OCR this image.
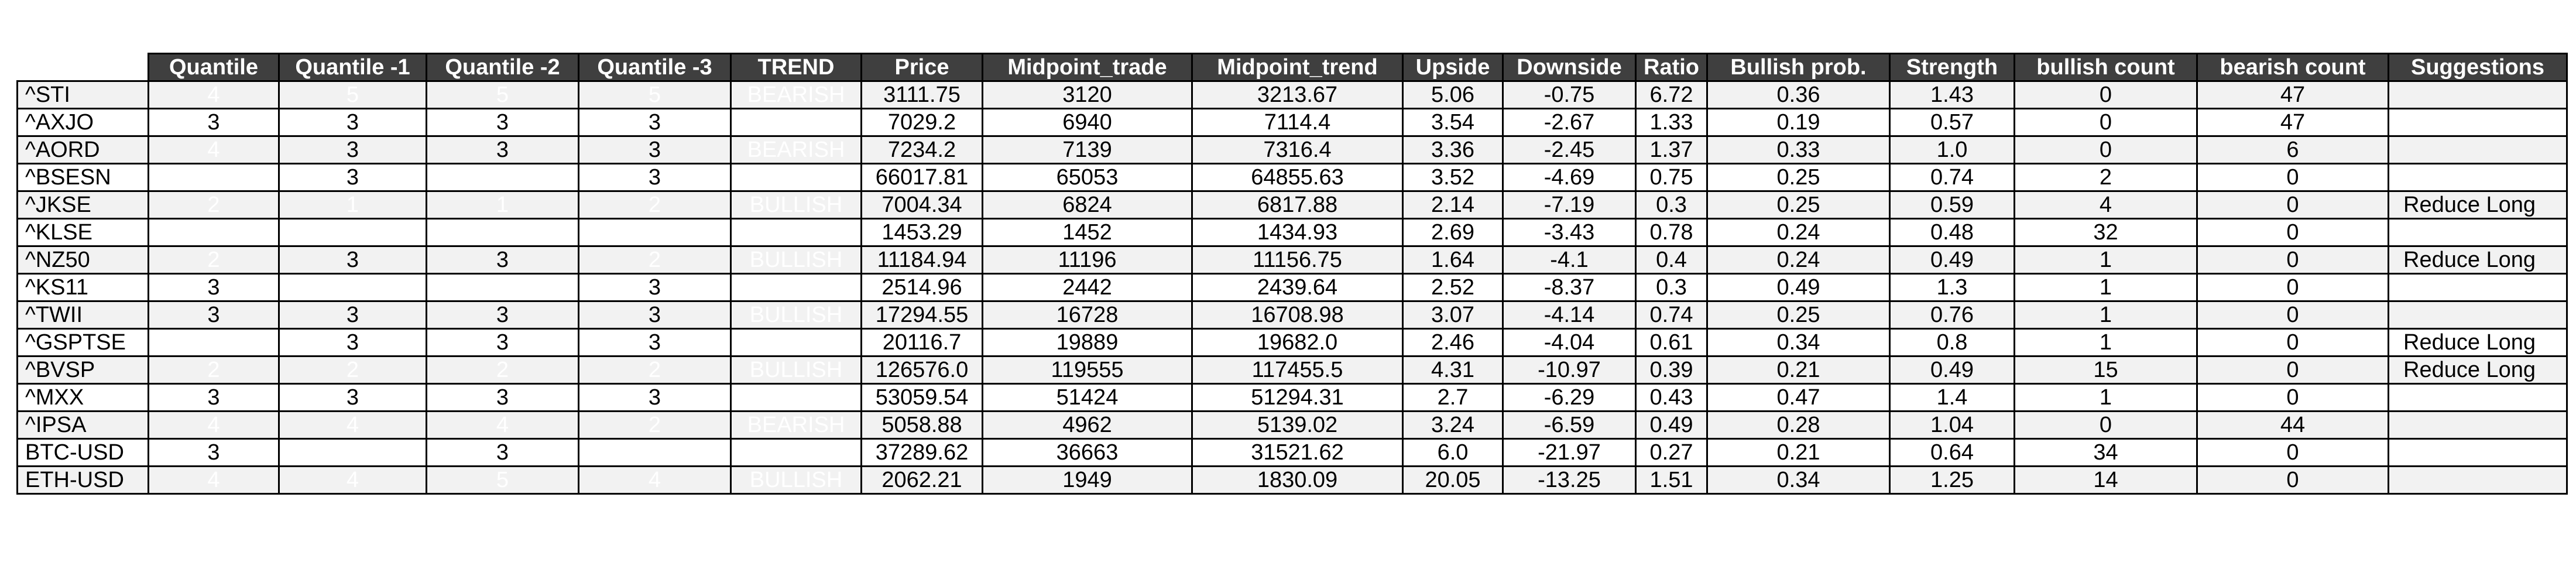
	Quantile	Quantile -1	Quantile -2	Quantile -3	TREND	Price	Midpoint_trade	Midpoint_trend	Upside	Downside	Ratio	Bullish prob.	Strength	bullish count	bearish count	Suggestions
^STI	4	5	5	5	BEARISH	3111.75	3120	3213.67	5.06	-0.75	6.72	0.36	1.43	0	47	
^AXJO	3	3	3	3	BEARISH	7029.2	6940	7114.4	3.54	-2.67	1.33	0.19	0.57	0	47	
^AORD	4	3	3	3	BEARISH	7234.2	7139	7316.4	3.36	-2.45	1.37	0.33	1.0	0	6	
^BSESN	4	3	4	3	BULLISH	66017.81	65053	64855.63	3.52	-4.69	0.75	0.25	0.74	2	0	
^JKSE	2	1	1	2	BULLISH	7004.34	6824	6817.88	2.14	-7.19	0.3	0.25	0.59	4	0	Reduce Long
^KLSE	2	2	2	4	BULLISH	1453.29	1452	1434.93	2.69	-3.43	0.78	0.24	0.48	32	0	
^NZ50	2	3	3	2	BULLISH	11184.94	11196	11156.75	1.64	-4.1	0.4	0.24	0.49	1	0	Reduce Long
^KS11	3	2	2	3	BULLISH	2514.96	2442	2439.64	2.52	-8.37	0.3	0.49	1.3	1	0	
^TWII	3	3	3	3	BULLISH	17294.55	16728	16708.98	3.07	-4.14	0.74	0.25	0.76	1	0	
^GSPTSE	2	3	3	3	BULLISH	20116.7	19889	19682.0	2.46	-4.04	0.61	0.34	0.8	1	0	Reduce Long
^BVSP	2	2	2	2	BULLISH	126576.0	119555	117455.5	4.31	-10.97	0.39	0.21	0.49	15	0	Reduce Long
^MXX	3	3	3	3	BULLISH	53059.54	51424	51294.31	2.7	-6.29	0.43	0.47	1.4	1	0	
^IPSA	4	4	4	2	BEARISH	5058.88	4962	5139.02	3.24	-6.59	0.49	0.28	1.04	0	44	
BTC-USD	3	2	3	1	BULLISH	37289.62	36663	31521.62	6.0	-21.97	0.27	0.21	0.64	34	0	
ETH-USD	4	4	5	4	BULLISH	2062.21	1949	1830.09	20.05	-13.25	1.51	0.34	1.25	14	0	
